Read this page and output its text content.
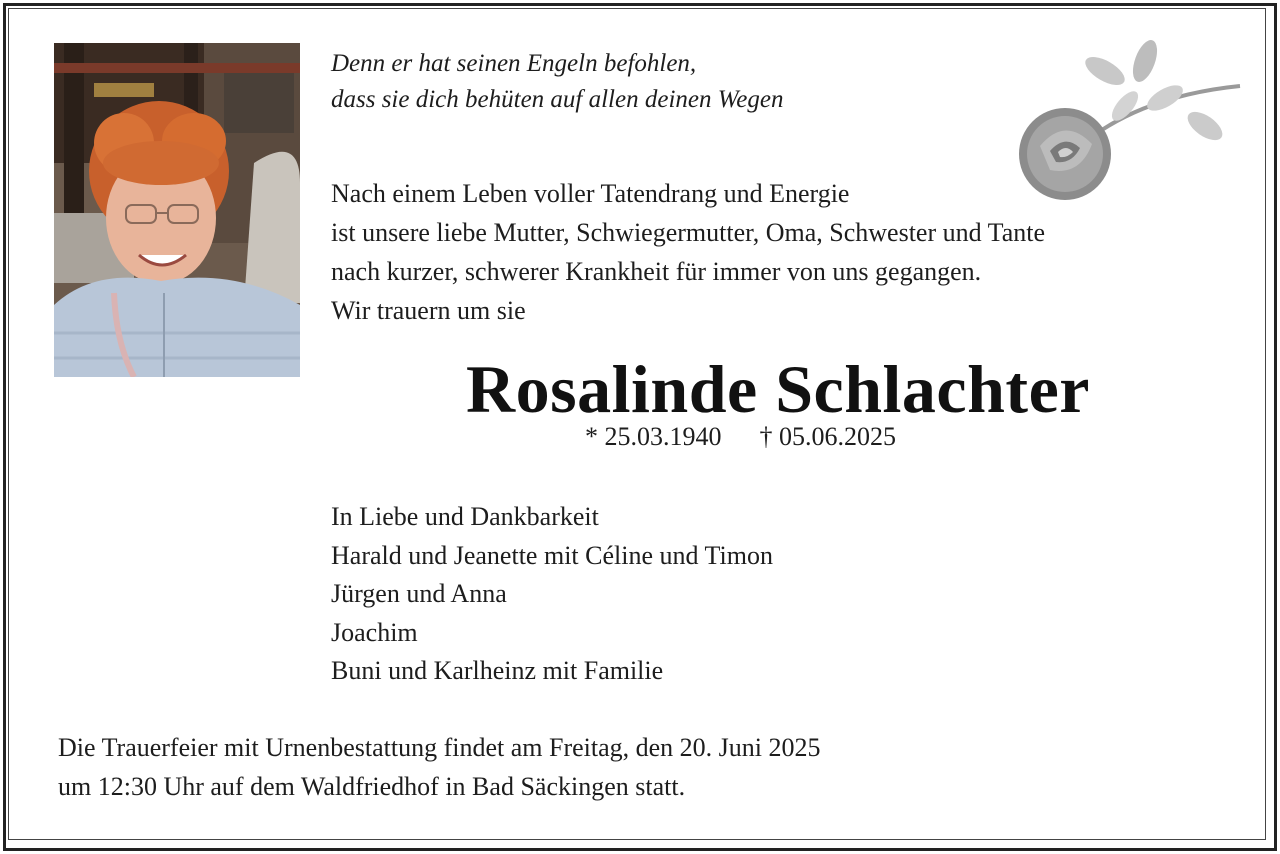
Denn er hat seinen Engeln befohlen,
dass sie dich behüten auf allen deinen Wegen

Nach einem Leben voller Tatendrang und Energie
ist unsere liebe Mutter, Schwiegermutter, Oma, Schwester und Tante
nach kurzer, schwerer Krankheit für immer von uns gegangen.
Wir trauern um sie

Rosalinde Schlachter
* 25.03.1940 † 05.06.2025

In Liebe und Dankbarkeit
Harald und Jeanette mit Céline und Timon
Jürgen und Anna
Joachim
Buni und Karlheinz mit Familie

Die Trauerfeier mit Urnenbestattung findet am Freitag, den 20. Juni 2025
um 12:30 Uhr auf dem Waldfriedhof in Bad Säckingen statt.
